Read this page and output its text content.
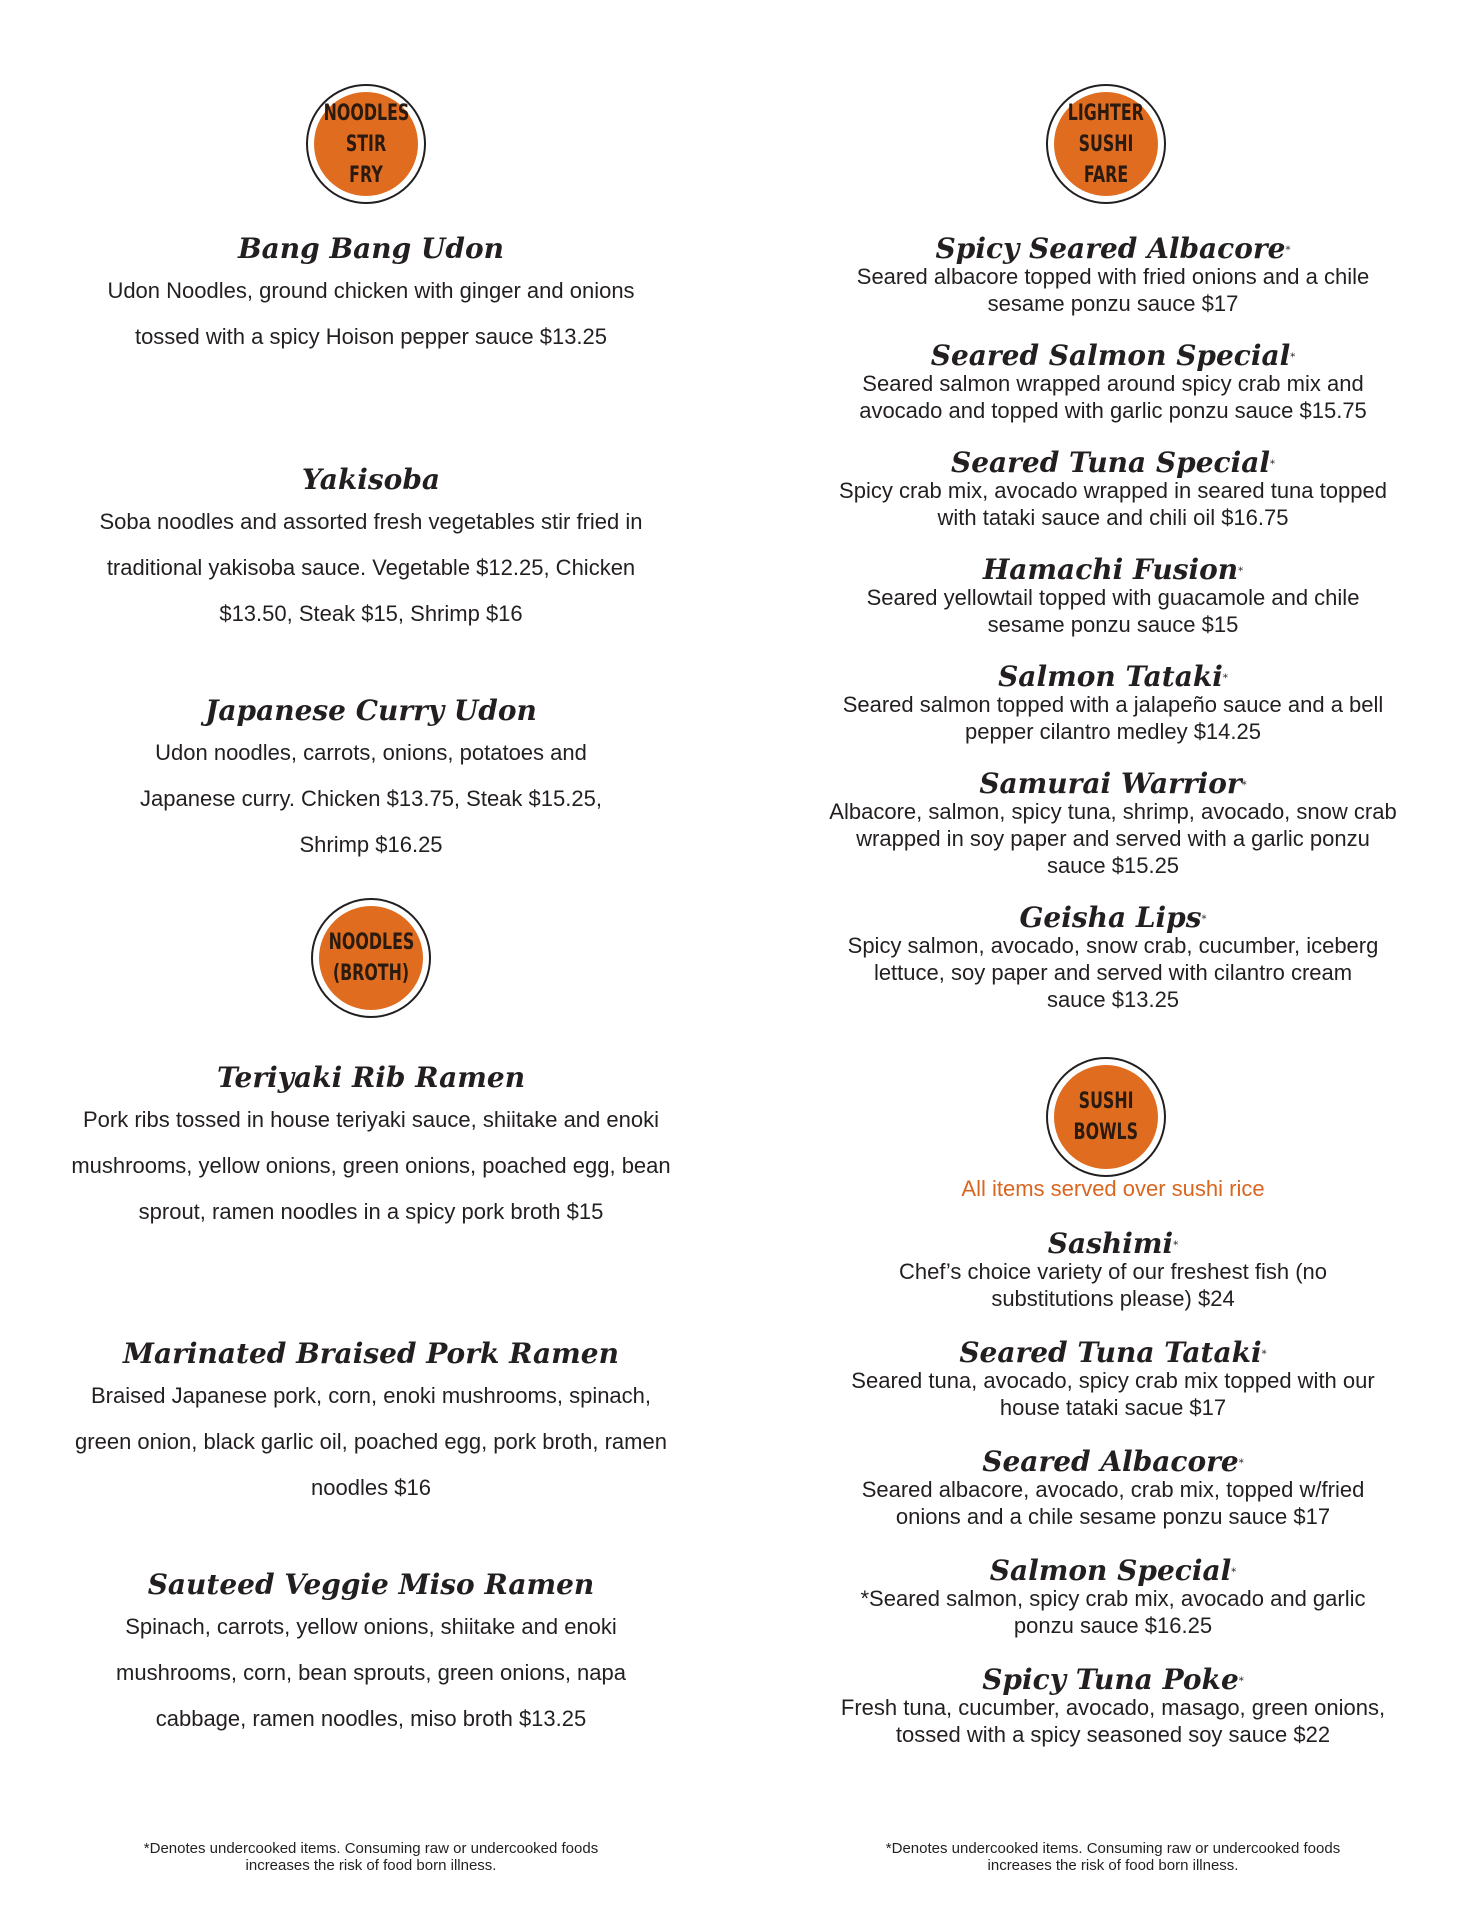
NOODLES
STIR FRY
Bang Bang Udon
Udon Noodles, ground chicken with ginger and onions tossed with a spicy Hoison pepper sauce $13.25
Yakisoba
Soba noodles and assorted fresh vegetables stir fried in traditional yakisoba sauce. Vegetable $12.25, Chicken $13.50, Steak $15, Shrimp $16
Japanese Curry Udon
Udon noodles, carrots, onions, potatoes and Japanese curry. Chicken $13.75, Steak $15.25, Shrimp $16.25
NOODLES
(BROTH)
Teriyaki Rib Ramen
Pork ribs tossed in house teriyaki sauce, shiitake and enoki mushrooms, yellow onions, green onions, poached egg, bean sprout, ramen noodles in a spicy pork broth $15
Marinated Braised Pork Ramen
Braised Japanese pork, corn, enoki mushrooms, spinach, green onion, black garlic oil, poached egg, pork broth, ramen noodles $16
Sauteed Veggie Miso Ramen
Spinach, carrots, yellow onions, shiitake and enoki mushrooms, corn, bean sprouts, green onions, napa cabbage, ramen noodles, miso broth $13.25
*Denotes undercooked items. Consuming raw or undercooked foods increases the risk of food born illness.
LIGHTER
SUSHI FARE
Spicy Seared Albacore*
Seared albacore topped with fried onions and a chile sesame ponzu sauce $17
Seared Salmon Special*
Seared salmon wrapped around spicy crab mix and avocado and topped with garlic ponzu sauce $15.75
Seared Tuna Special*
Spicy crab mix, avocado wrapped in seared tuna topped with tataki sauce and chili oil $16.75
Hamachi Fusion*
Seared yellowtail topped with guacamole and chile sesame ponzu sauce $15
Salmon Tataki*
Seared salmon topped with a jalapeño sauce and a bell pepper cilantro medley $14.25
Samurai Warrior*
Albacore, salmon, spicy tuna, shrimp, avocado, snow crab wrapped in soy paper and served with a garlic ponzu sauce $15.25
Geisha Lips*
Spicy salmon, avocado, snow crab, cucumber, iceberg lettuce, soy paper and served with cilantro cream sauce $13.25
SUSHI
BOWLS
All items served over sushi rice
Sashimi*
Chef’s choice variety of our freshest fish (no substitutions please) $24
Seared Tuna Tataki*
Seared tuna, avocado, spicy crab mix topped with our house tataki sacue $17
Seared Albacore*
Seared albacore, avocado, crab mix, topped w/fried onions and a chile sesame ponzu sauce $17
Salmon Special*
*Seared salmon, spicy crab mix, avocado and garlic ponzu sauce $16.25
Spicy Tuna Poke*
Fresh tuna, cucumber, avocado, masago, green onions, tossed with a spicy seasoned soy sauce $22
*Denotes undercooked items. Consuming raw or undercooked foods increases the risk of food born illness.
